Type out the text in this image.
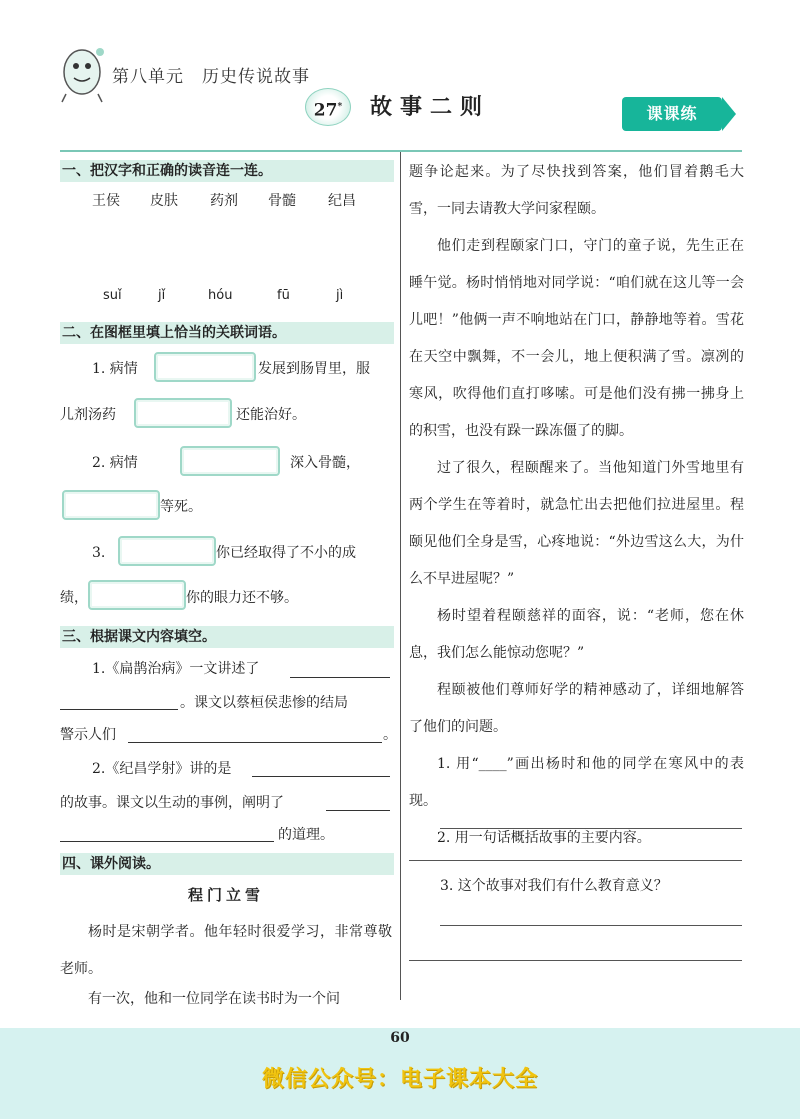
第八单元　历史传说故事
27*	故事二则	课课练
一、把汉字和正确的读音连一连。
王侯 皮肤 药剂 骨髓 纪昌
suǐ	jǐ	hóu	fū	jì
二、在图框里填上恰当的关联词语。
1. 病情	发展到肠胃里，服
儿剂汤药	还能治好。
2. 病情	深入骨髓，
等死。
3.	你已经取得了不小的成
绩，	你的眼力还不够。
三、根据课文内容填空。
1.《扁鹊治病》一文讲述了
。课文以蔡桓侯悲惨的结局
警示人们	。
2.《纪昌学射》讲的是
的故事。课文以生动的事例，阐明了
的道理。
四、课外阅读。
程门立雪
杨时是宋朝学者。他年轻时很爱学习，非常尊敬老师。
有一次，他和一位同学在读书时为一个问

题争论起来。为了尽快找到答案，他们冒着鹅毛大雪，一同去请教大学问家程颐。

他们走到程颐家门口，守门的童子说，先生正在睡午觉。杨时悄悄地对同学说：“咱们就在这儿等一会儿吧！”他俩一声不响地站在门口，静静地等着。雪花在天空中飘舞，不一会儿，地上便积满了雪。凛冽的寒风，吹得他们直打哆嗦。可是他们没有拂一拂身上的积雪，也没有跺一跺冻僵了的脚。

过了很久，程颐醒来了。当他知道门外雪地里有两个学生在等着时，就急忙出去把他们拉进屋里。程颐见他们全身是雪，心疼地说：“外边雪这么大，为什么不早进屋呢？”

杨时望着程颐慈祥的面容，说：“老师，您在休息，我们怎么能惊动您呢？”

程颐被他们尊师好学的精神感动了，详细地解答了他们的问题。

1. 用“____”画出杨时和他的同学在寒风中的表现。

2. 用一句话概括故事的主要内容。

3. 这个故事对我们有什么教育意义？
60
微信公众号：电子课本大全
